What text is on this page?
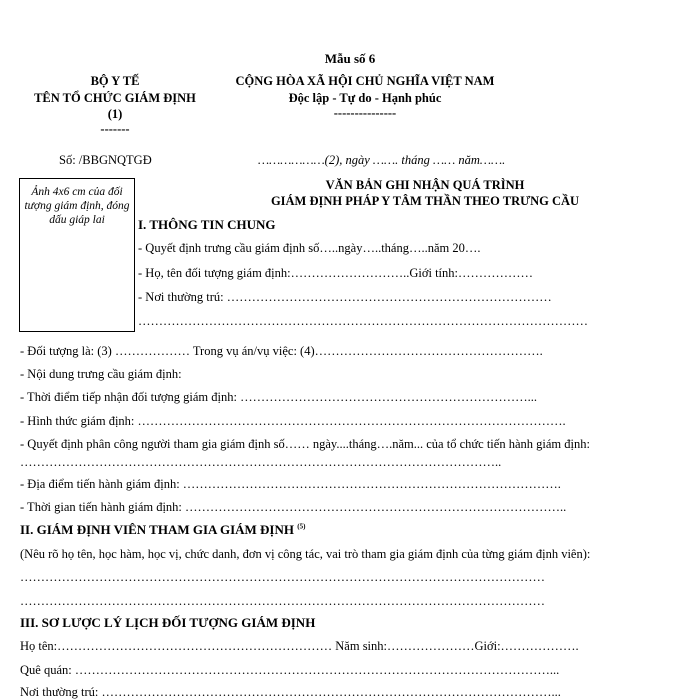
Mẫu số 6
BỘ Y TẾ
TÊN TỔ CHỨC GIÁM ĐỊNH
(1)
-------
CỘNG HÒA XÃ HỘI CHỦ NGHĨA VIỆT NAM
Độc lập - Tự do - Hạnh phúc
---------------
Số: /BBGNQTGĐ	………………(2), ngày ……. tháng …… năm…….
VĂN BẢN GHI NHẬN QUÁ TRÌNH
GIÁM ĐỊNH PHÁP Y TÂM THẦN THEO TRƯNG CẦU
Ảnh 4x6 cm của đối tượng giám định, đóng dấu giáp lai	I. THÔNG TIN CHUNG
- Quyết định trưng cầu giám định số…..ngày…..tháng…..năm 20….
- Họ, tên đối tượng giám định:………………………..Giới tính:………………
- Nơi thường trú: ……………………………………………………………………
………………………………………………………………………………………………
- Đối tượng là: (3) ……………… Trong vụ án/vụ việc: (4)……………………………………………….
- Nội dung trưng cầu giám định:
- Thời điểm tiếp nhận đối tượng giám định: ……………………………………………………………...
- Hình thức giám định: ………………………………………………………………………………………….
- Quyết định phân công người tham gia giám định số…… ngày....tháng….năm... của tổ chức tiến hành giám định:
……………………………………………………………………………………………………..
- Địa điểm tiến hành giám định: ……………………………………………………………………………….
- Thời gian tiến hành giám định: ………………………………………………………………………………..
II. GIÁM ĐỊNH VIÊN THAM GIA GIÁM ĐỊNH $^{(5)}$
(Nêu rõ họ tên, học hàm, học vị, chức danh, đơn vị công tác, vai trò tham gia giám định của từng giám định viên):
………………………………………………………………………………………………………………
………………………………………………………………………………………………………………
III. SƠ LƯỢC LÝ LỊCH ĐỐI TƯỢNG GIÁM ĐỊNH
Họ tên:………………………………………………………… Năm sinh:…………………Giới:……………….
Quê quán: ……………………………………………………………………………………………………...
Nơi thường trú: ………………………………………………………………………………………………...
